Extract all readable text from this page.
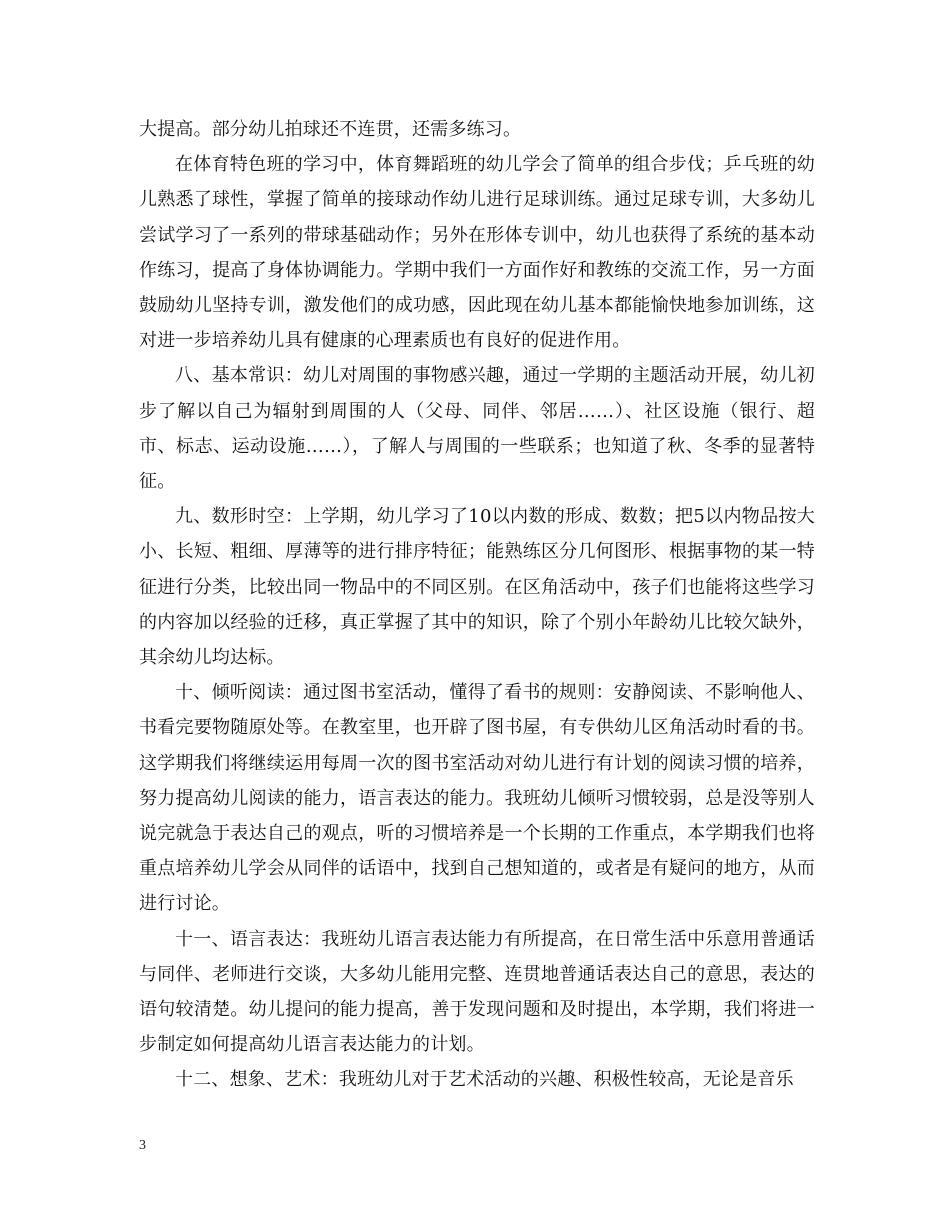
大提高。部分幼儿拍球还不连贯，还需多练习。

在体育特色班的学习中，体育舞蹈班的幼儿学会了简单的组合步伐；乒乓班的幼儿熟悉了球性，掌握了简单的接球动作幼儿进行足球训练。通过足球专训，大多幼儿尝试学习了一系列的带球基础动作；另外在形体专训中，幼儿也获得了系统的基本动作练习，提高了身体协调能力。学期中我们一方面作好和教练的交流工作，另一方面鼓励幼儿坚持专训，激发他们的成功感，因此现在幼儿基本都能愉快地参加训练，这对进一步培养幼儿具有健康的心理素质也有良好的促进作用。

八、基本常识：幼儿对周围的事物感兴趣，通过一学期的主题活动开展，幼儿初步了解以自己为辐射到周围的人（父母、同伴、邻居……）、社区设施（银行、超市、标志、运动设施……），了解人与周围的一些联系；也知道了秋、冬季的显著特征。

九、数形时空：上学期，幼儿学习了10以内数的形成、数数；把5以内物品按大小、长短、粗细、厚薄等的进行排序特征；能熟练区分几何图形、根据事物的某一特征进行分类，比较出同一物品中的不同区别。在区角活动中，孩子们也能将这些学习的内容加以经验的迁移，真正掌握了其中的知识，除了个别小年龄幼儿比较欠缺外，其余幼儿均达标。

十、倾听阅读：通过图书室活动，懂得了看书的规则：安静阅读、不影响他人、书看完要物随原处等。在教室里，也开辟了图书屋，有专供幼儿区角活动时看的书。这学期我们将继续运用每周一次的图书室活动对幼儿进行有计划的阅读习惯的培养，努力提高幼儿阅读的能力，语言表达的能力。我班幼儿倾听习惯较弱，总是没等别人说完就急于表达自己的观点，听的习惯培养是一个长期的工作重点，本学期我们也将重点培养幼儿学会从同伴的话语中，找到自己想知道的，或者是有疑问的地方，从而进行讨论。

十一、语言表达：我班幼儿语言表达能力有所提高，在日常生活中乐意用普通话与同伴、老师进行交谈，大多幼儿能用完整、连贯地普通话表达自己的意思，表达的语句较清楚。幼儿提问的能力提高，善于发现问题和及时提出，本学期，我们将进一步制定如何提高幼儿语言表达能力的计划。

十二、想象、艺术：我班幼儿对于艺术活动的兴趣、积极性较高，无论是音乐

3
